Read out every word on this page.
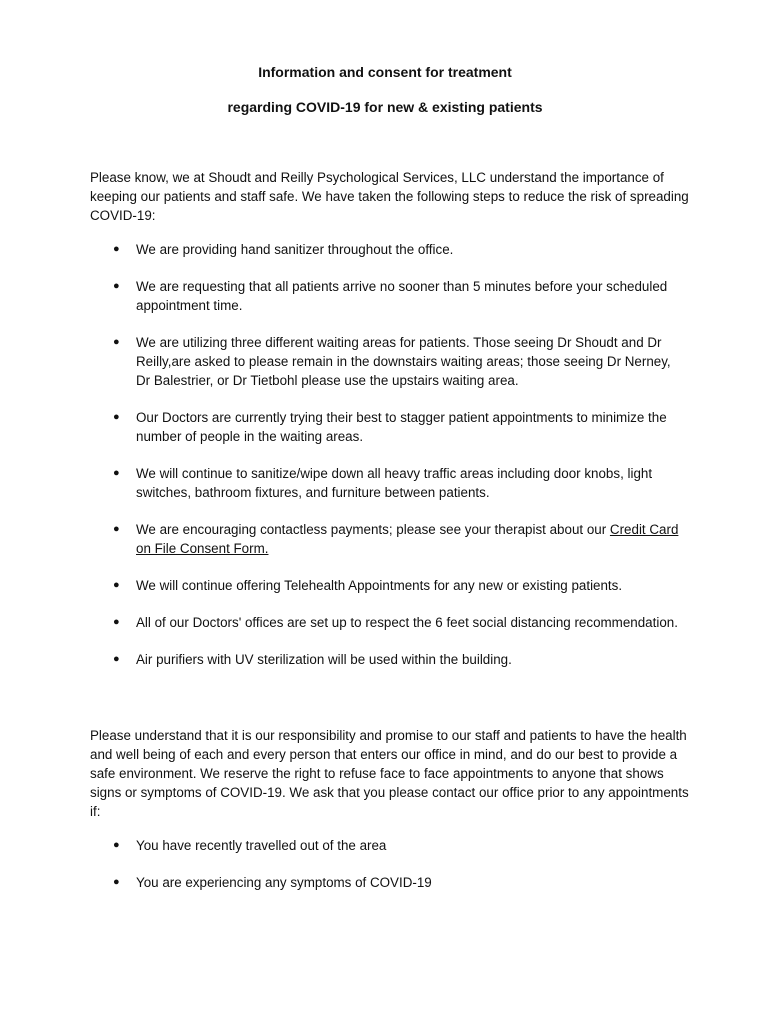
Information and consent for treatment
regarding COVID-19 for new & existing patients

Please know, we at Shoudt and Reilly Psychological Services, LLC understand the importance of keeping our patients and staff safe. We have taken the following steps to reduce the risk of spreading COVID-19:

● We are providing hand sanitizer throughout the office.
● We are requesting that all patients arrive no sooner than 5 minutes before your scheduled appointment time.
● We are utilizing three different waiting areas for patients. Those seeing Dr Shoudt and Dr Reilly,are asked to please remain in the downstairs waiting areas; those seeing Dr Nerney, Dr Balestrier, or Dr Tietbohl please use the upstairs waiting area.
● Our Doctors are currently trying their best to stagger patient appointments to minimize the number of people in the waiting areas.
● We will continue to sanitize/wipe down all heavy traffic areas including door knobs, light switches, bathroom fixtures, and furniture between patients.
● We are encouraging contactless payments; please see your therapist about our Credit Card on File Consent Form.
● We will continue offering Telehealth Appointments for any new or existing patients.
● All of our Doctors' offices are set up to respect the 6 feet social distancing recommendation.
● Air purifiers with UV sterilization will be used within the building.

Please understand that it is our responsibility and promise to our staff and patients to have the health and well being of each and every person that enters our office in mind, and do our best to provide a safe environment. We reserve the right to refuse face to face appointments to anyone that shows signs or symptoms of COVID-19. We ask that you please contact our office prior to any appointments if:

● You have recently travelled out of the area
● You are experiencing any symptoms of COVID-19
